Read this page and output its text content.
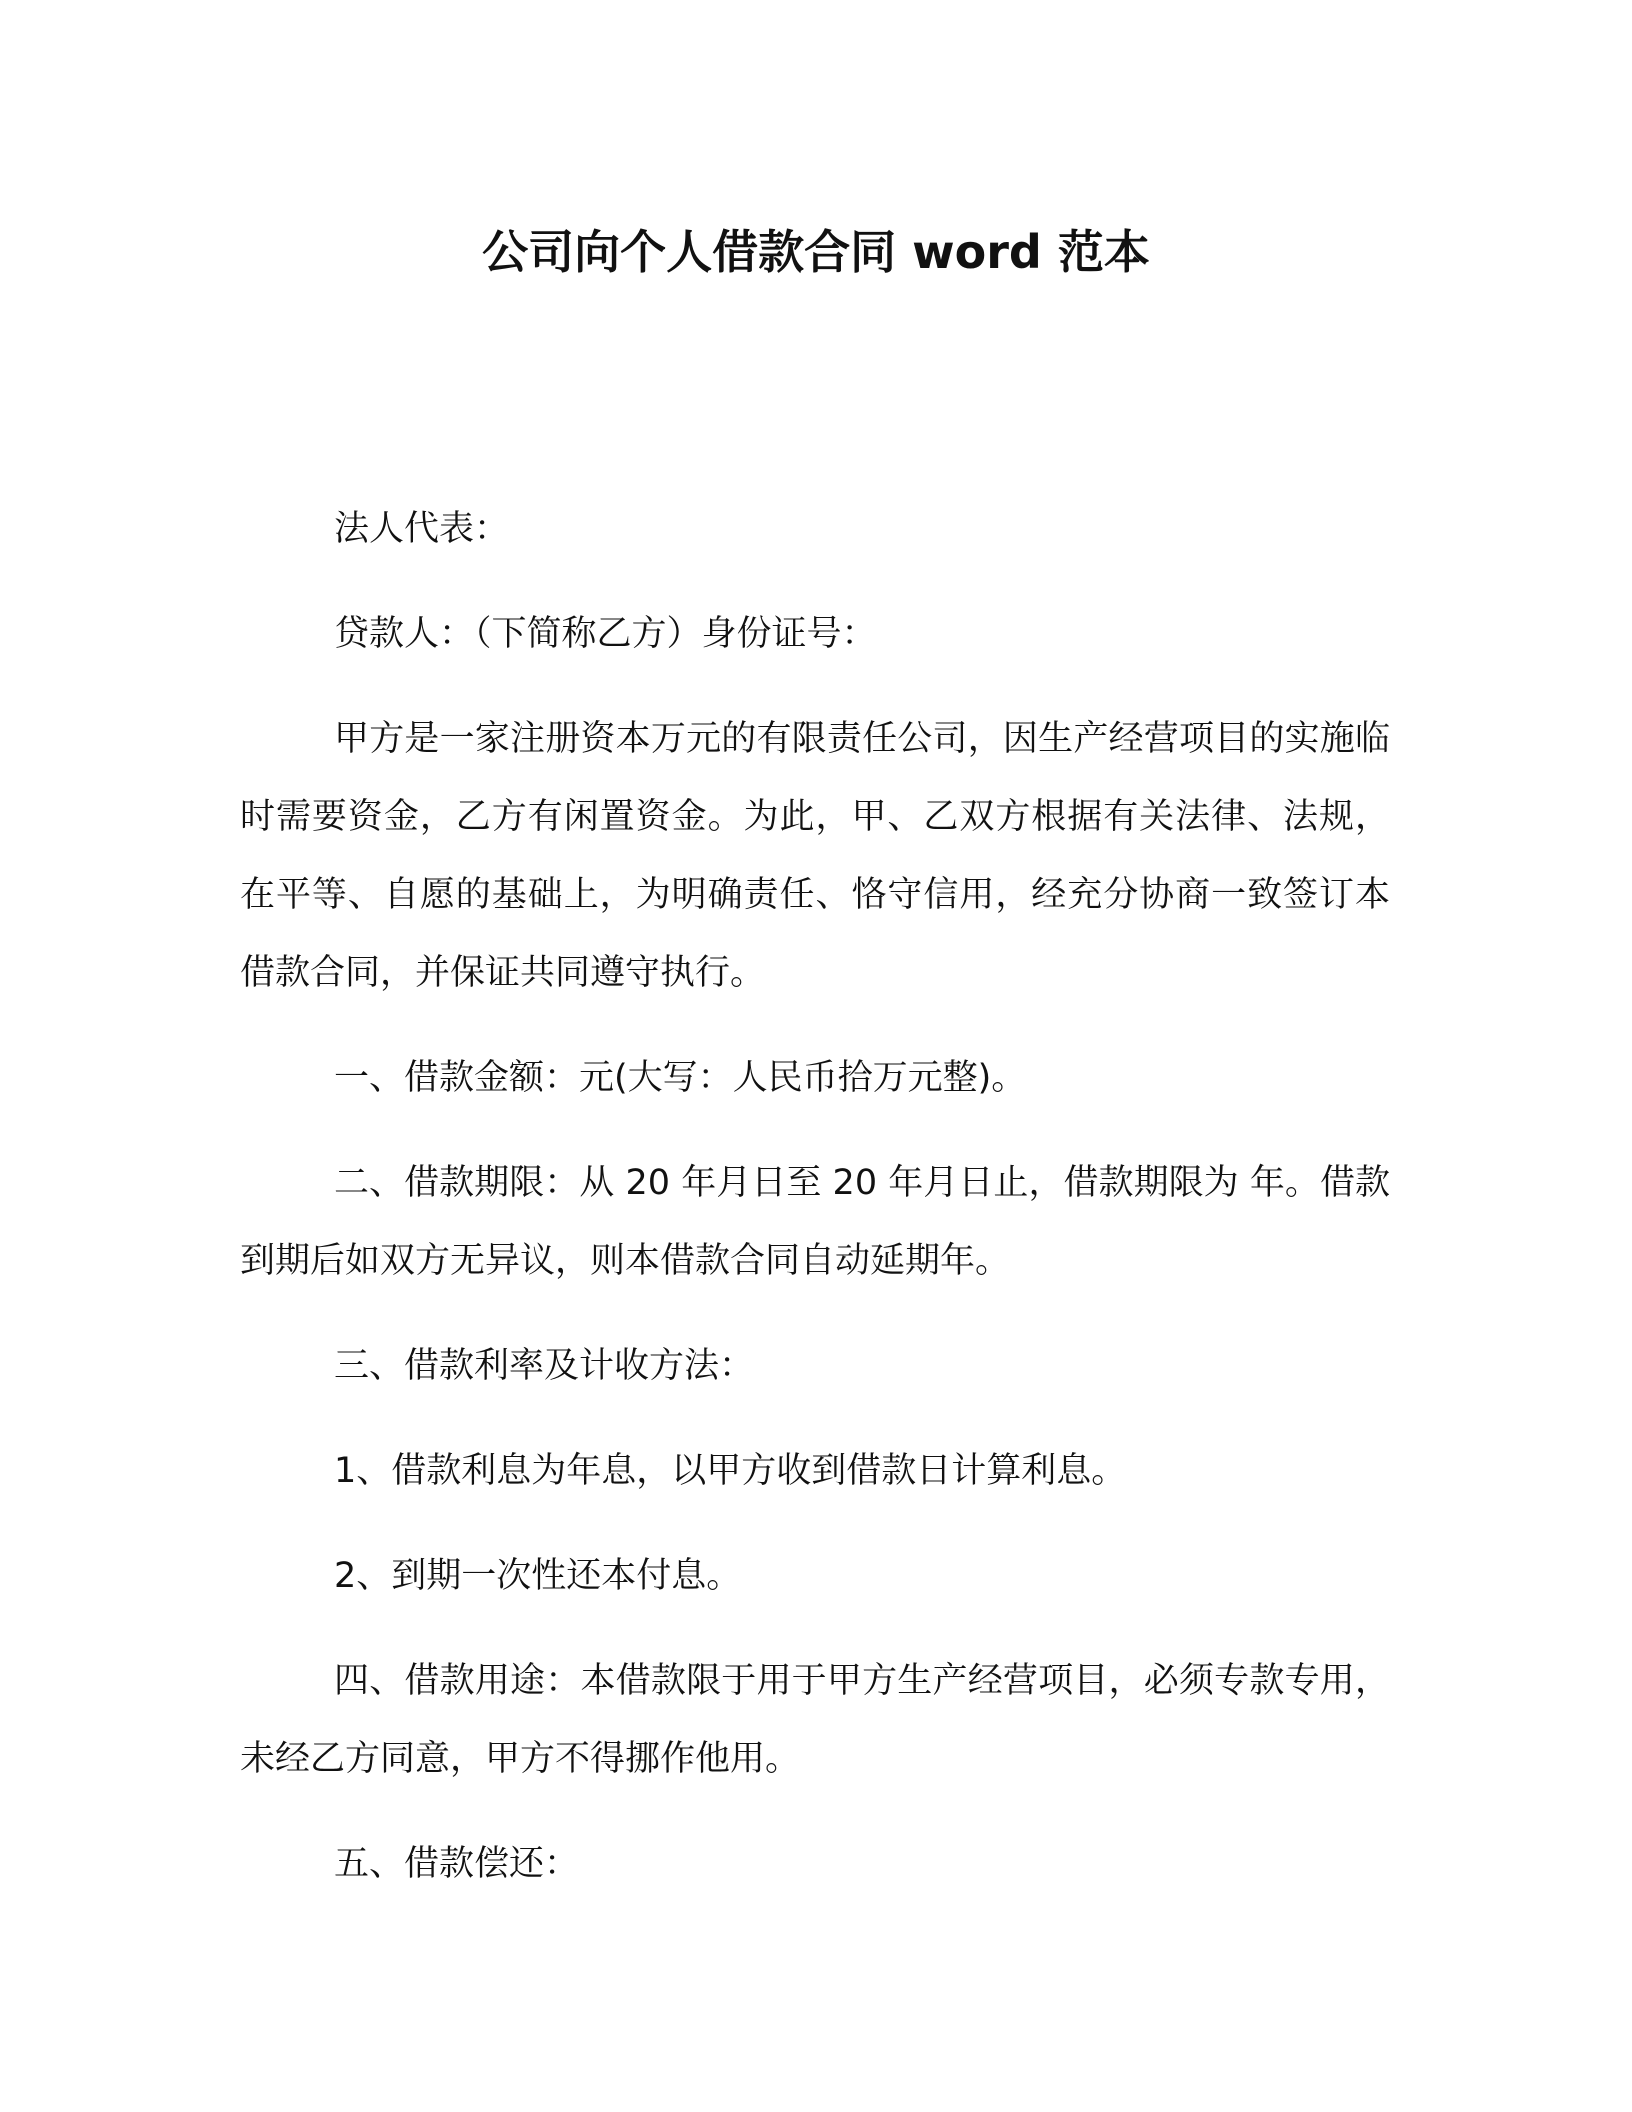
公司向个人借款合同 word 范本

法人代表：

贷款人：（下简称乙方）身份证号：

甲方是一家注册资本万元的有限责任公司，因生产经营项目的实施临时需要资金，乙方有闲置资金。为此，甲、乙双方根据有关法律、法规，在平等、自愿的基础上，为明确责任、恪守信用，经充分协商一致签订本借款合同，并保证共同遵守执行。

一、借款金额：元(大写：人民币拾万元整)。

二、借款期限：从 20 年月日至 20 年月日止，借款期限为 年。借款到期后如双方无异议，则本借款合同自动延期年。

三、借款利率及计收方法：

1、借款利息为年息，以甲方收到借款日计算利息。

2、到期一次性还本付息。

四、借款用途：本借款限于用于甲方生产经营项目，必须专款专用，未经乙方同意，甲方不得挪作他用。

五、借款偿还：
